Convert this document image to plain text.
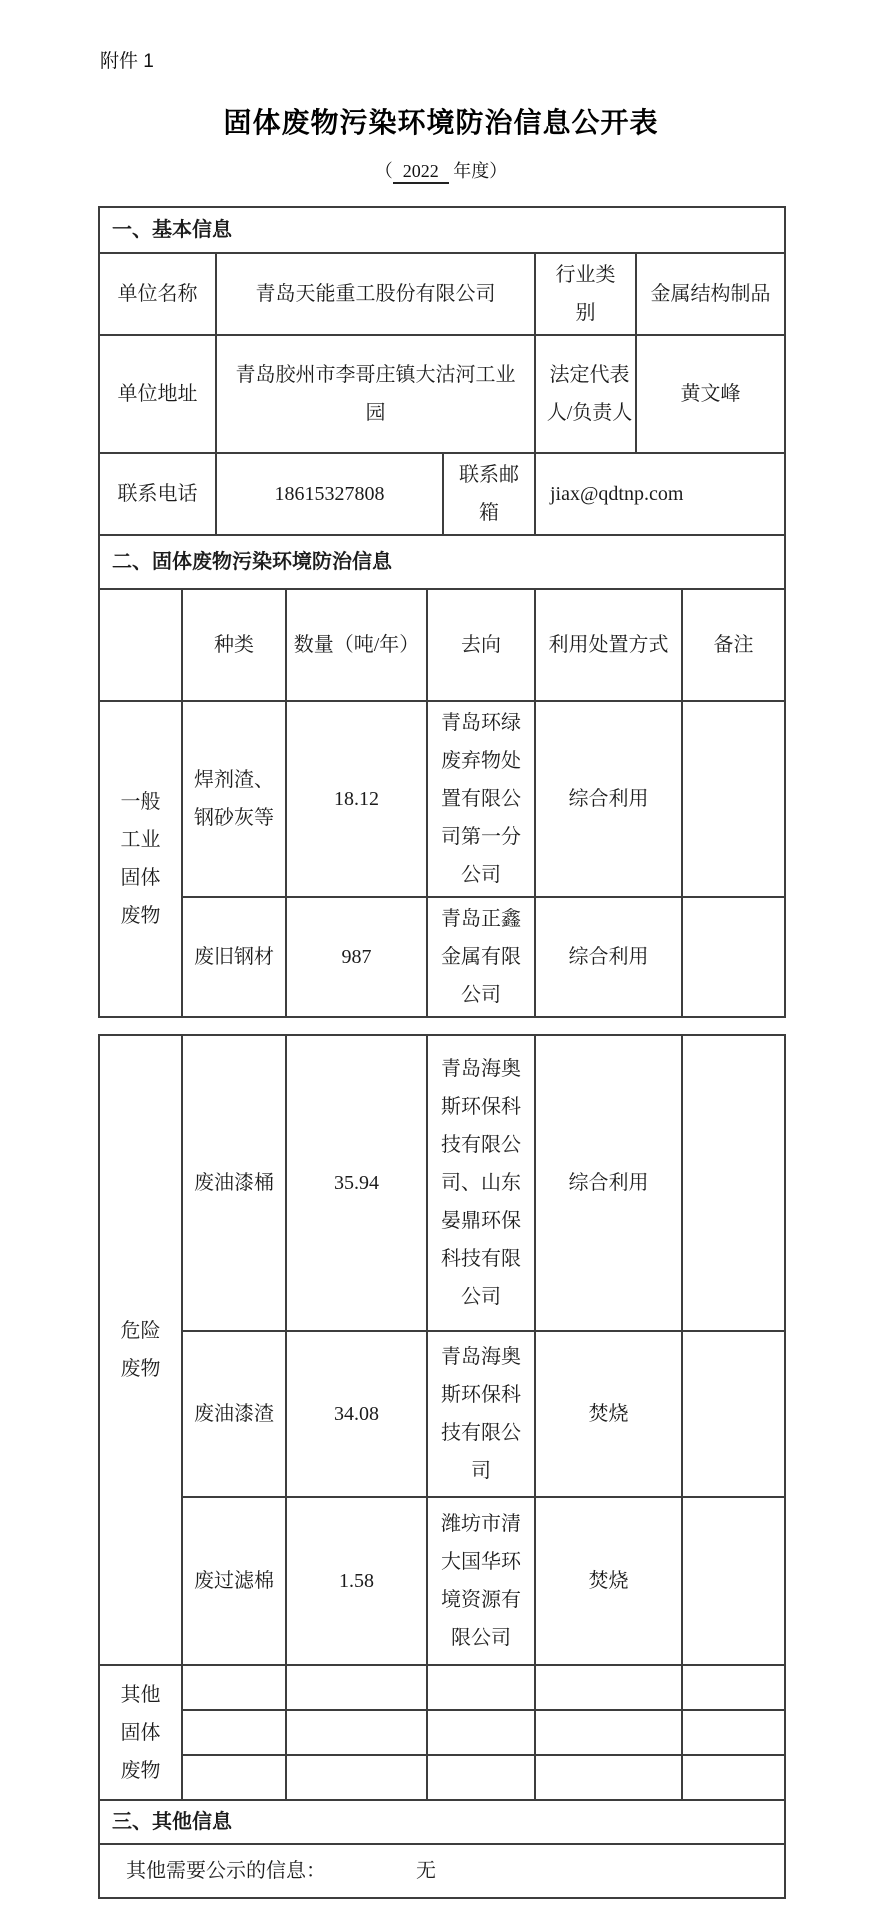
附件 1
固体废物污染环境防治信息公开表
（ 2022 年度）
一、基本信息				
单位名称	青岛天能重工股份有限公司		行业类别	金属结构制品
单位地址	青岛胶州市李哥庄镇大沽河工业园		法定代表人/负责人	黄文峰
联系电话	18615327808	联系邮箱	jiax@qdtnp.com	
二、固体废物污染环境防治信息					
	种类	数量（吨/年）	去向	利用处置方式	备注
一般工业固体废物	焊剂渣、钢砂灰等	18.12	青岛环绿废弃物处置有限公司第一分公司	综合利用	
	废旧钢材	987	青岛正鑫金属有限公司	综合利用	
危险废物	废油漆桶	35.94	青岛海奥斯环保科技有限公司、山东晏鼎环保科技有限公司	综合利用	
	废油漆渣	34.08	青岛海奥斯环保科技有限公司	焚烧	
	废过滤棉	1.58	潍坊市清大国华环境资源有限公司	焚烧	
其他固体废物					

三、其他信息
其他需要公示的信息：	无
